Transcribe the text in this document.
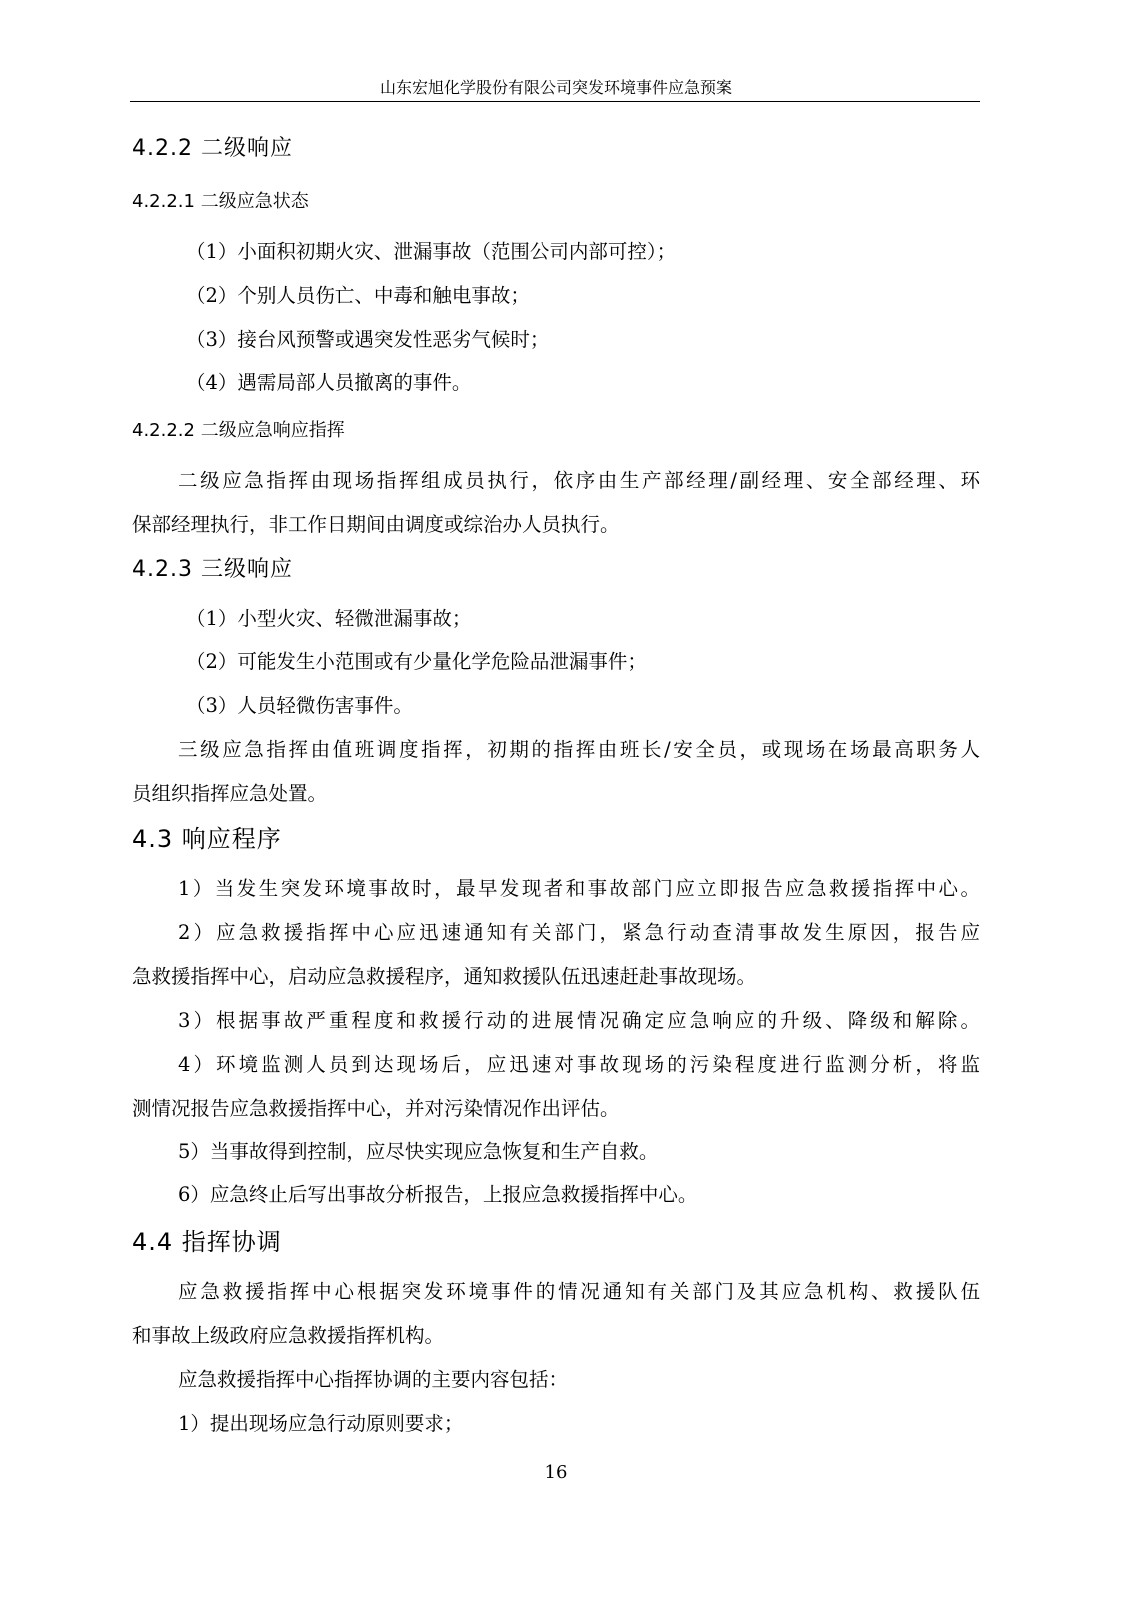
山东宏旭化学股份有限公司突发环境事件应急预案
4.2.2 二级响应
4.2.2.1 二级应急状态
（1）小面积初期火灾、泄漏事故（范围公司内部可控）；
（2）个别人员伤亡、中毒和触电事故；
（3）接台风预警或遇突发性恶劣气候时；
（4）遇需局部人员撤离的事件。
4.2.2.2 二级应急响应指挥
二级应急指挥由现场指挥组成员执行，依序由生产部经理/副经理、安全部经理、环
保部经理执行，非工作日期间由调度或综治办人员执行。
4.2.3 三级响应
（1）小型火灾、轻微泄漏事故；
（2）可能发生小范围或有少量化学危险品泄漏事件；
（3）人员轻微伤害事件。
三级应急指挥由值班调度指挥，初期的指挥由班长/安全员，或现场在场最高职务人
员组织指挥应急处置。
4.3 响应程序
1）当发生突发环境事故时，最早发现者和事故部门应立即报告应急救援指挥中心。
2）应急救援指挥中心应迅速通知有关部门，紧急行动查清事故发生原因，报告应
急救援指挥中心，启动应急救援程序，通知救援队伍迅速赶赴事故现场。
3）根据事故严重程度和救援行动的进展情况确定应急响应的升级、降级和解除。
4）环境监测人员到达现场后，应迅速对事故现场的污染程度进行监测分析，将监
测情况报告应急救援指挥中心，并对污染情况作出评估。
5）当事故得到控制，应尽快实现应急恢复和生产自救。
6）应急终止后写出事故分析报告，上报应急救援指挥中心。
4.4 指挥协调
应急救援指挥中心根据突发环境事件的情况通知有关部门及其应急机构、救援队伍
和事故上级政府应急救援指挥机构。
应急救援指挥中心指挥协调的主要内容包括：
1）提出现场应急行动原则要求；
16
